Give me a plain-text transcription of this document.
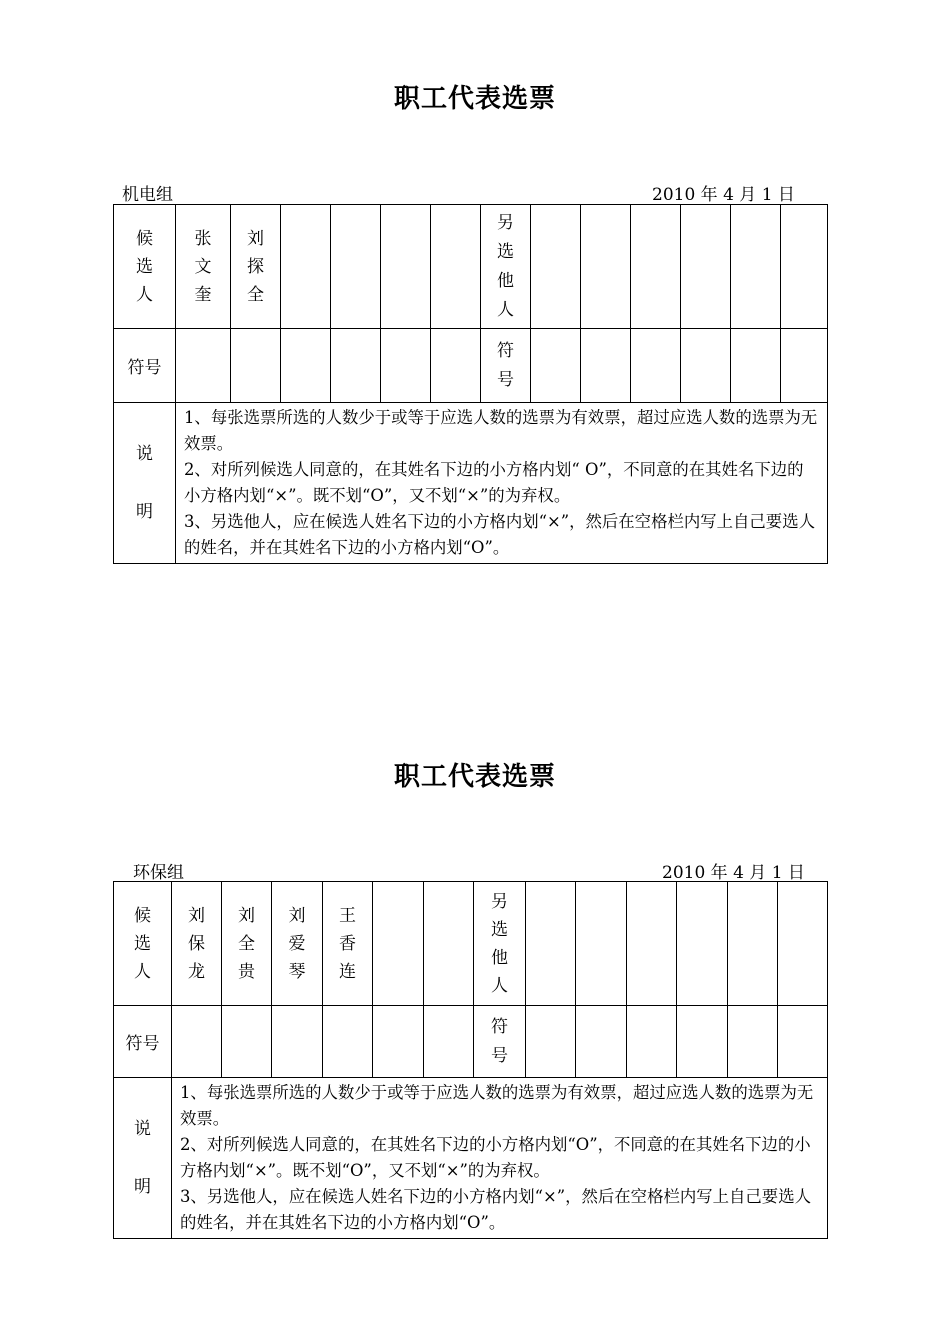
职工代表选票
机电组	2010 年 4 月 1 日
候选人	张文奎	刘探全					另选他人						
符号							符号						
说明	1、每张选票所选的人数少于或等于应选人数的选票为有效票，超过应选人数的选票为无效票。

2、对所列候选人同意的，在其姓名下边的小方格内划“ O”，不同意的在其姓名下边的小方格内划“×”。既不划“O”，又不划“×”的为弃权。

3、另选他人，应在候选人姓名下边的小方格内划“×”，然后在空格栏内写上自己要选人的姓名，并在其姓名下边的小方格内划“O”。												

职工代表选票
环保组	2010 年 4 月 1 日
候选人	刘保龙	刘全贵	刘爱琴	王香连			另选他人						
符号							符号						
说明	1、每张选票所选的人数少于或等于应选人数的选票为有效票，超过应选人数的选票为无效票。

2、对所列候选人同意的，在其姓名下边的小方格内划“O”，不同意的在其姓名下边的小方格内划“×”。既不划“O”，又不划“×”的为弃权。

3、另选他人，应在候选人姓名下边的小方格内划“×”，然后在空格栏内写上自己要选人的姓名，并在其姓名下边的小方格内划“O”。												
